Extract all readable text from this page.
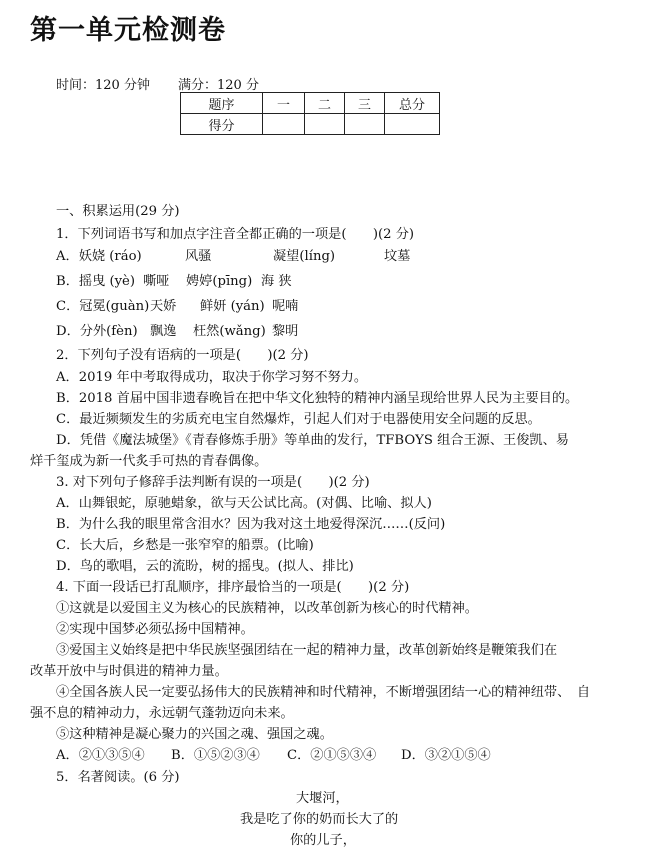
第一单元检测卷
时间：120 分钟 满分：120 分
题序	一	二	三	总分
得分				
一、积累运用(29 分)
1．下列词语书写和加点字注音全都正确的一项是(　　)(2 分)
A．妖娆 (ráo)	风骚	凝望(líng)	坟墓
B．摇曳 (yè) 嘶哑 娉婷(pīng) 海 狭
C．冠冕(guàn) 天娇 鲜妍 (yán) 呢喃
D．分外(fèn) 飘逸 枉然(wǎng) 黎明
2．下列句子没有语病的一项是(　　)(2 分)
A．2019 年中考取得成功，取决于你学习努不努力。
B．2018 首届中国非遗春晚旨在把中华文化独特的精神内涵呈现给世界人民为主要目的。
C．最近频频发生的劣质充电宝自然爆炸，引起人们对于电器使用安全问题的反思。
D．凭借《魔法城堡》《青春修炼手册》等单曲的发行，TFBOYS 组合王源、王俊凯、易
烊千玺成为新一代炙手可热的青春偶像。
3. 对下列句子修辞手法判断有误的一项是(　　)(2 分)
A．山舞银蛇，原驰蜡象，欲与天公试比高。(对偶、比喻、拟人)
B．为什么我的眼里常含泪水？因为我对这土地爱得深沉……(反问)
C．长大后，乡愁是一张窄窄的船票。(比喻)
D．鸟的歌唱，云的流盼，树的摇曳。(拟人、排比)
4. 下面一段话已打乱顺序，排序最恰当的一项是(　　)(2 分)
①这就是以爱国主义为核心的民族精神，以改革创新为核心的时代精神。
②实现中国梦必须弘扬中国精神。
③爱国主义始终是把中华民族坚强团结在一起的精神力量，改革创新始终是鞭策我们在
改革开放中与时俱进的精神力量。
④全国各族人民一定要弘扬伟大的民族精神和时代精神，不断增强团结一心的精神纽带、　自
强不息的精神动力，永远朝气蓬勃迈向未来。
⑤这种精神是凝心聚力的兴国之魂、强国之魂。
A．②①③⑤④ B．①⑤②③④ C．②①⑤③④ D．③②①⑤④
5．名著阅读。(6 分)
大堰河，
我是吃了你的奶而长大了的
你的儿子，
